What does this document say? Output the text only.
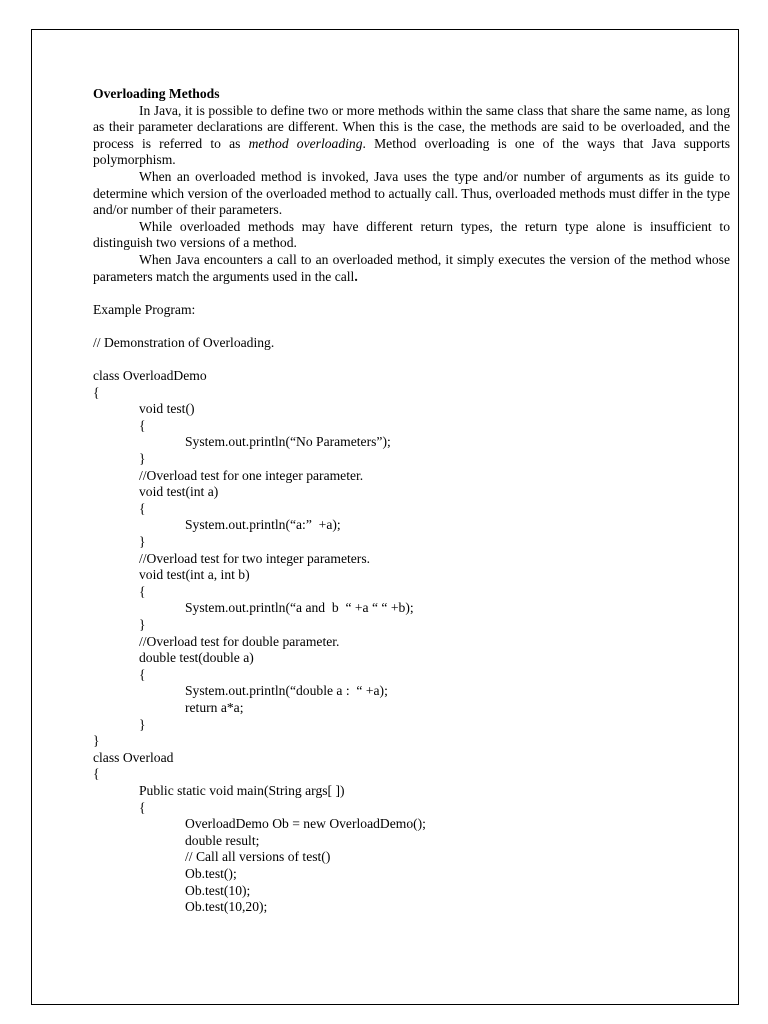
Overloading Methods

In Java, it is possible to define two or more methods within the same class that share the same name, as long as their parameter declarations are different. When this is the case, the methods are said to be overloaded, and the process is referred to as method overloading. Method overloading is one of the ways that Java supports polymorphism.

When an overloaded method is invoked, Java uses the type and/or number of arguments as its guide to determine which version of the overloaded method to actually call. Thus, overloaded methods must differ in the type and/or number of their parameters.

While overloaded methods may have different return types, the return type alone is insufficient to distinguish two versions of a method.

When Java encounters a call to an overloaded method, it simply executes the version of the method whose parameters match the arguments used in the call.

Example Program:
// Demonstration of Overloading.
class OverloadDemo
{
void test()
{
System.out.println(“No Parameters”);
}
//Overload test for one integer parameter.
void test(int a)
{
System.out.println(“a:”  +a);
}
//Overload test for two integer parameters.
void test(int a, int b)
{
System.out.println(“a and  b  “ +a “ “ +b);
}
//Overload test for double parameter.
double test(double a)
{
System.out.println(“double a :  “ +a);
return a*a;
}
}
class Overload
{
Public static void main(String args[ ])
{
OverloadDemo Ob = new OverloadDemo();
double result;
// Call all versions of test()
Ob.test();
Ob.test(10);
Ob.test(10,20);
